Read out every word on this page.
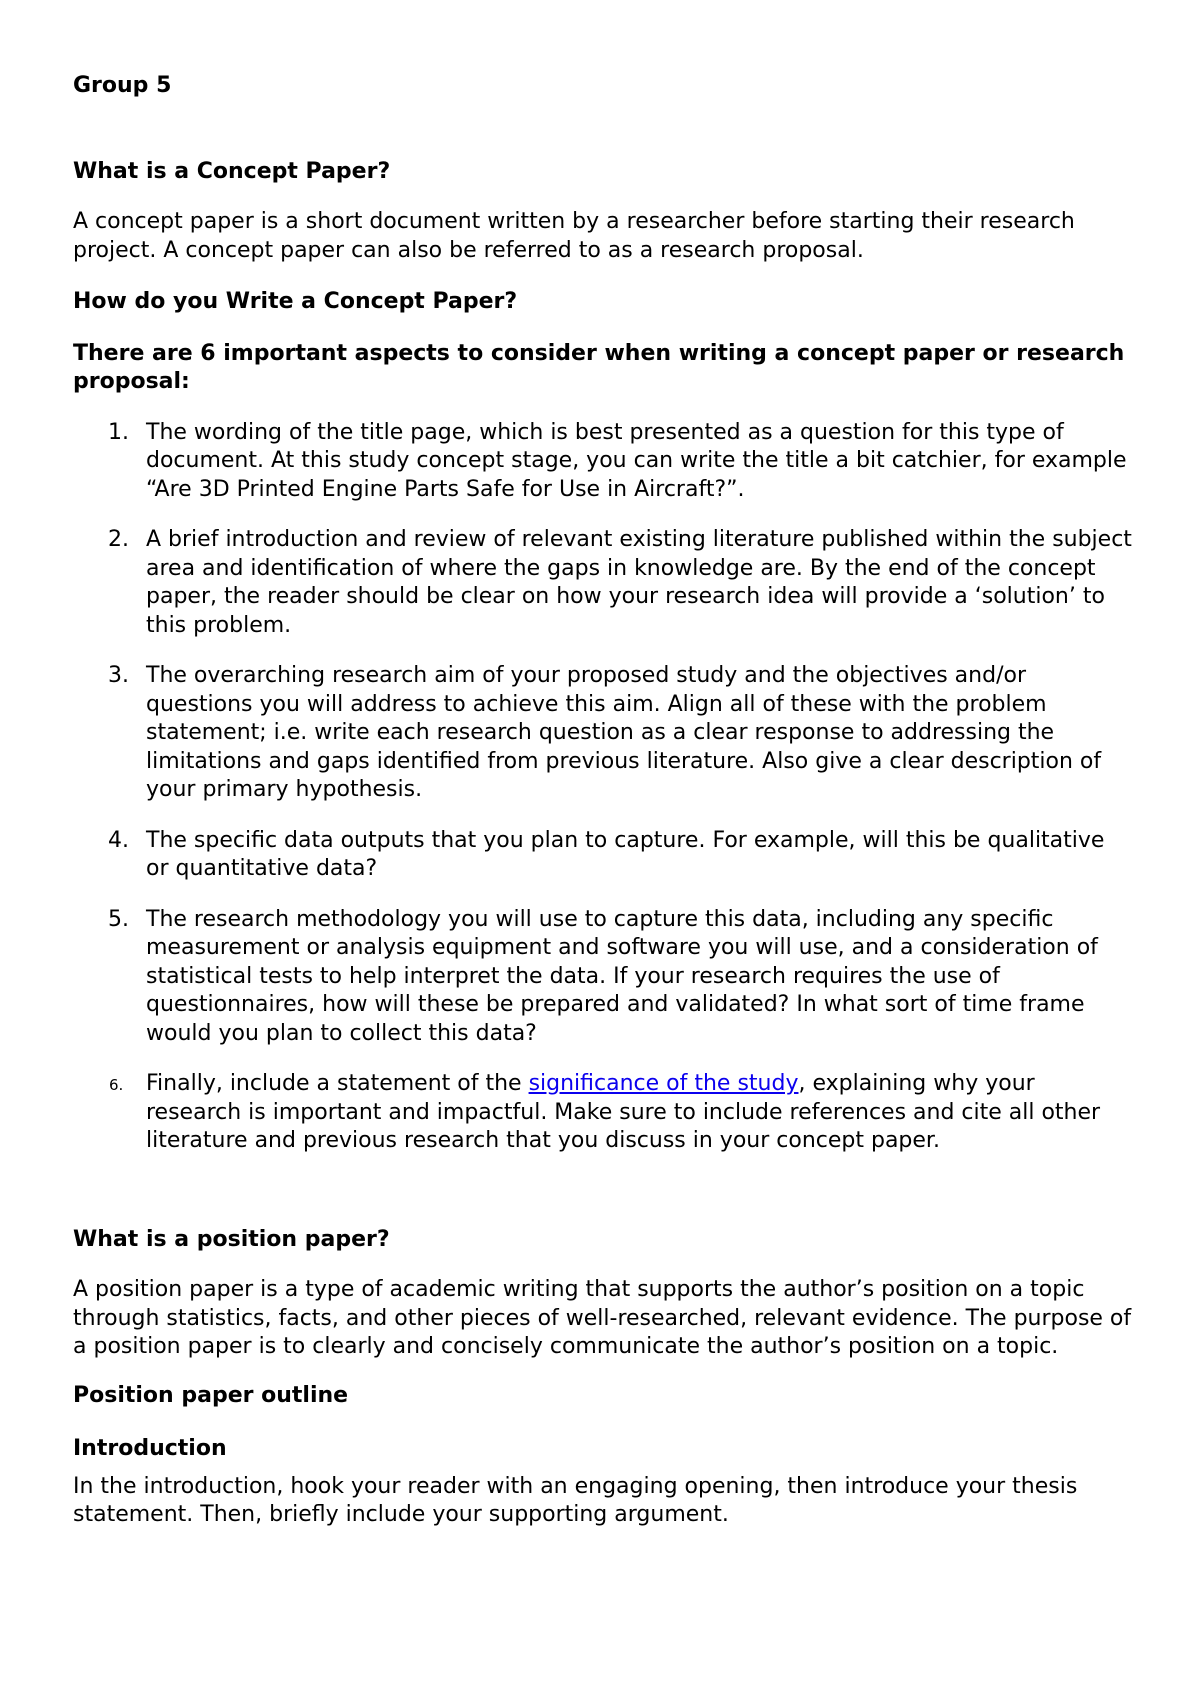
Group 5

What is a Concept Paper?

A concept paper is a short document written by a researcher before starting their research project. A concept paper can also be referred to as a research proposal.

How do you Write a Concept Paper?

There are 6 important aspects to consider when writing a concept paper or research proposal:

1. The wording of the title page, which is best presented as a question for this type of document. At this study concept stage, you can write the title a bit catchier, for example “Are 3D Printed Engine Parts Safe for Use in Aircraft?”.
2. A brief introduction and review of relevant existing literature published within the subject area and identification of where the gaps in knowledge are. By the end of the concept paper, the reader should be clear on how your research idea will provide a ‘solution’ to this problem.
3. The overarching research aim of your proposed study and the objectives and/or questions you will address to achieve this aim. Align all of these with the problem statement; i.e. write each research question as a clear response to addressing the limitations and gaps identified from previous literature. Also give a clear description of your primary hypothesis.
4. The specific data outputs that you plan to capture. For example, will this be qualitative or quantitative data?
5. The research methodology you will use to capture this data, including any specific measurement or analysis equipment and software you will use, and a consideration of statistical tests to help interpret the data. If your research requires the use of questionnaires, how will these be prepared and validated? In what sort of time frame would you plan to collect this data?
6. Finally, include a statement of the significance of the study, explaining why your research is important and impactful. Make sure to include references and cite all other literature and previous research that you discuss in your concept paper.

What is a position paper?

A position paper is a type of academic writing that supports the author’s position on a topic through statistics, facts, and other pieces of well-researched, relevant evidence. The purpose of a position paper is to clearly and concisely communicate the author’s position on a topic.

Position paper outline

Introduction

In the introduction, hook your reader with an engaging opening, then introduce your thesis statement. Then, briefly include your supporting argument.
